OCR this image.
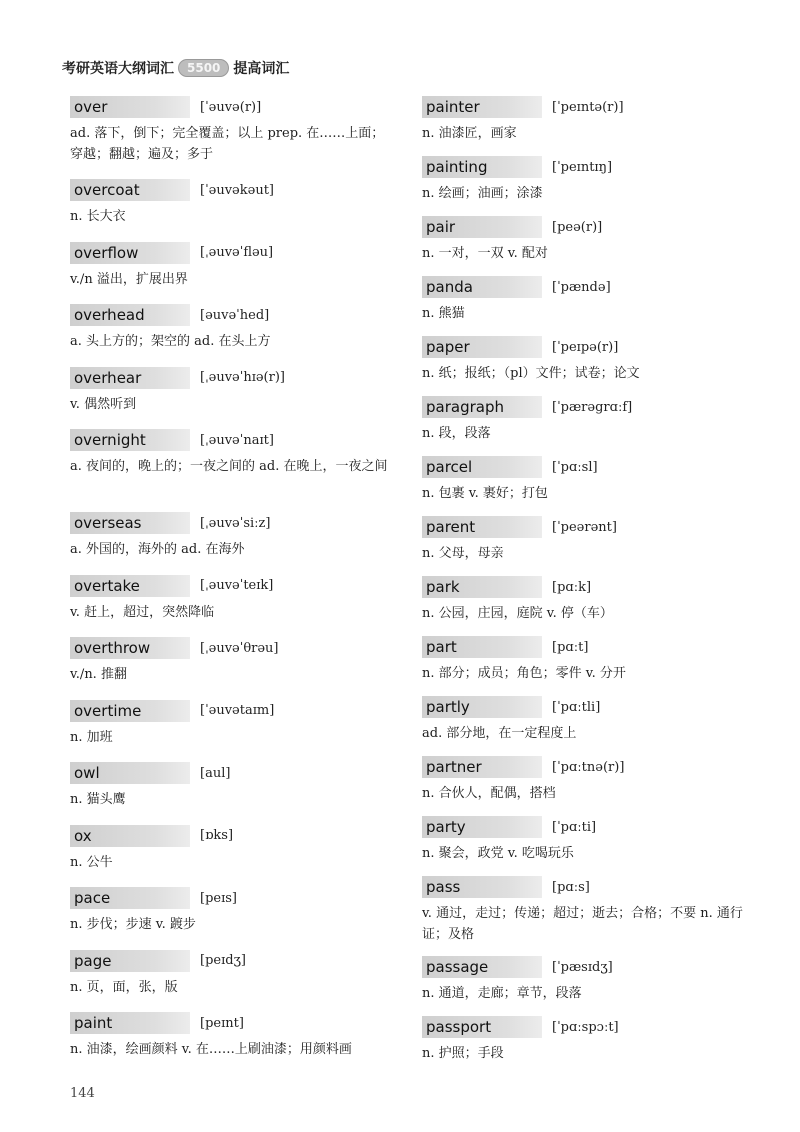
考研英语大纲词汇	5500 提高词汇
over	[ˈəuvə(r)]
ad. 落下，倒下；完全覆盖；以上 prep. 在……上面；穿越；翻越；遍及；多于
overcoat	[ˈəuvəkəut]
n. 长大衣
overflow	[ˌəuvəˈfləu]
v./n 溢出，扩展出界
overhead	[əuvəˈhed]
a. 头上方的；架空的 ad. 在头上方
overhear	[ˌəuvəˈhɪə(r)]
v. 偶然听到
overnight	[ˌəuvəˈnaɪt]
a. 夜间的，晚上的；一夜之间的 ad. 在晚上，一夜之间
overseas	[ˌəuvəˈsiːz]
a. 外国的，海外的 ad. 在海外
overtake	[ˌəuvəˈteɪk]
v. 赶上，超过，突然降临
overthrow	[ˌəuvəˈθrəu]
v./n. 推翻
overtime	[ˈəuvətaɪm]
n. 加班
owl	[aul]
n. 猫头鹰
ox	[ɒks]
n. 公牛
pace	[peɪs]
n. 步伐；步速 v. 踱步
page	[peɪdʒ]
n. 页，面，张，版
paint	[peɪnt]
n. 油漆，绘画颜料 v. 在……上刷油漆；用颜料画
painter	[ˈpeɪntə(r)]
n. 油漆匠，画家
painting	[ˈpeɪntɪŋ]
n. 绘画；油画；涂漆
pair	[peə(r)]
n. 一对，一双 v. 配对
panda	[ˈpændə]
n. 熊猫
paper	[ˈpeɪpə(r)]
n. 纸；报纸；（pl）文件；试卷；论文
paragraph	[ˈpærəgrɑːf]
n. 段，段落
parcel	[ˈpɑːsl]
n. 包裹 v. 裹好；打包
parent	[ˈpeərənt]
n. 父母，母亲
park	[pɑːk]
n. 公园，庄园，庭院 v. 停（车）
part	[pɑːt]
n. 部分；成员；角色；零件 v. 分开
partly	[ˈpɑːtli]
ad. 部分地，在一定程度上
partner	[ˈpɑːtnə(r)]
n. 合伙人，配偶，搭档
party	[ˈpɑːti]
n. 聚会，政党 v. 吃喝玩乐
pass	[pɑːs]
v. 通过，走过；传递；超过；逝去；合格；不要 n. 通行证；及格
passage	[ˈpæsɪdʒ]
n. 通道，走廊；章节，段落
passport	[ˈpɑːspɔːt]
n. 护照；手段
144
